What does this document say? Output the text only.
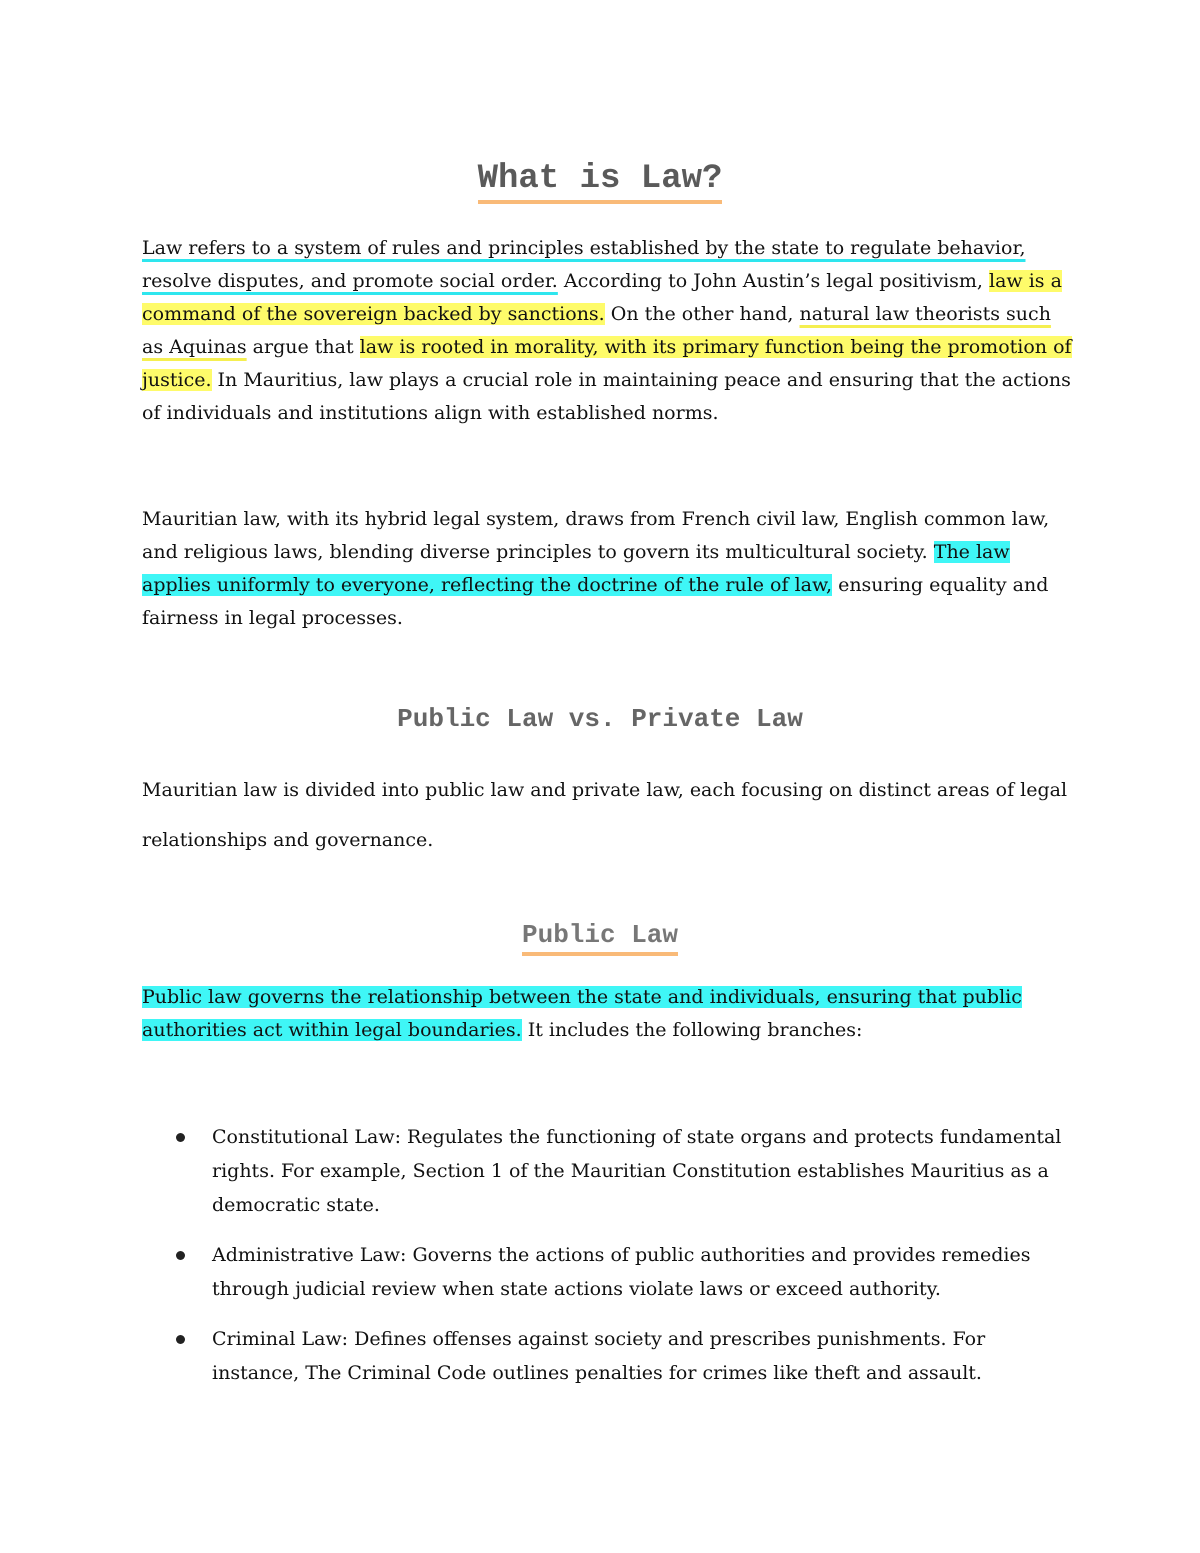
What is Law?

Law refers to a system of rules and principles established by the state to regulate behavior, resolve disputes, and promote social order. According to John Austin’s legal positivism, law is a command of the sovereign backed by sanctions. On the other hand, natural law theorists such as Aquinas argue that law is rooted in morality, with its primary function being the promotion of justice. In Mauritius, law plays a crucial role in maintaining peace and ensuring that the actions of individuals and institutions align with established norms.

Mauritian law, with its hybrid legal system, draws from French civil law, English common law, and religious laws, blending diverse principles to govern its multicultural society. The law applies uniformly to everyone, reflecting the doctrine of the rule of law, ensuring equality and fairness in legal processes.

Public Law vs. Private Law

Mauritian law is divided into public law and private law, each focusing on distinct areas of legal relationships and governance.

Public Law

Public law governs the relationship between the state and individuals, ensuring that public authorities act within legal boundaries. It includes the following branches:

Constitutional Law: Regulates the functioning of state organs and protects fundamental rights. For example, Section 1 of the Mauritian Constitution establishes Mauritius as a democratic state.
Administrative Law: Governs the actions of public authorities and provides remedies through judicial review when state actions violate laws or exceed authority.
Criminal Law: Defines offenses against society and prescribes punishments. For instance, The Criminal Code outlines penalties for crimes like theft and assault.
